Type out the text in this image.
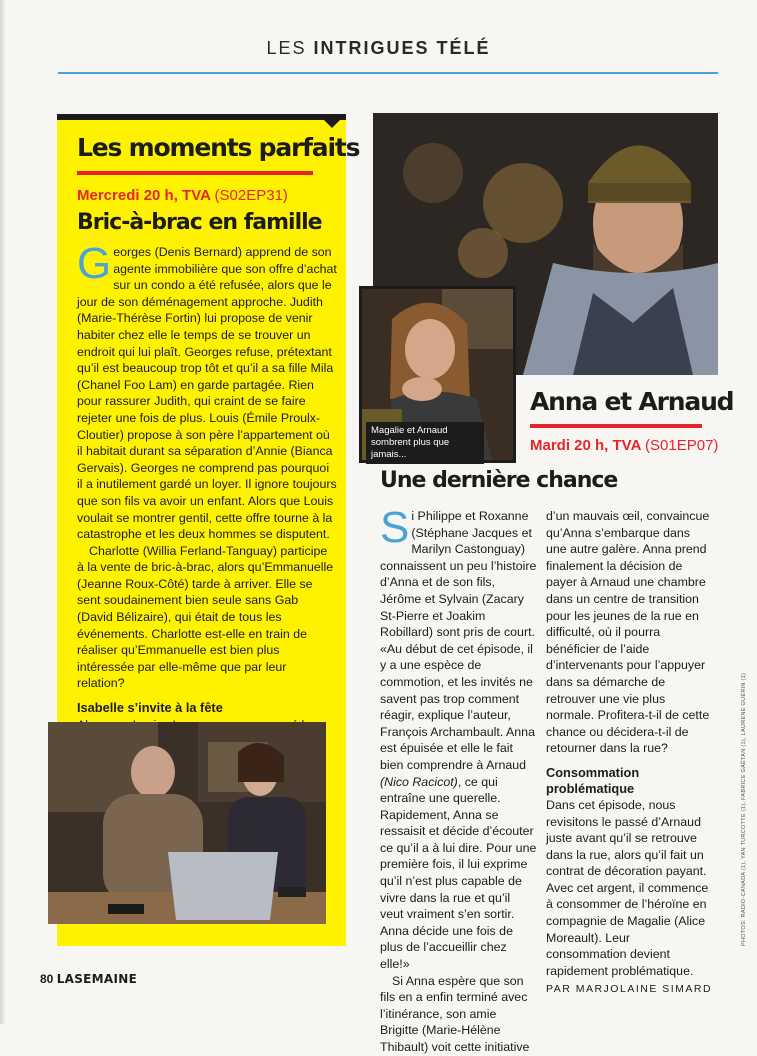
LES INTRIGUES TÉLÉ
Les moments parfaits
Mercredi 20 h, TVA (S02EP31)
Bric-à-brac en famille

Georges (Denis Bernard) apprend de son agente immobilière que son offre d’achat sur un condo a été refusée, alors que le jour de son déménagement approche. Judith (Marie-Thérèse Fortin) lui propose de venir habiter chez elle le temps de se trouver un endroit qui lui plaît. Georges refuse, prétextant qu’il est beaucoup trop tôt et qu’il a sa fille Mila (Chanel Foo Lam) en garde partagée. Rien pour rassurer Judith, qui craint de se faire rejeter une fois de plus. Louis (Émile Proulx-Cloutier) propose à son père l’appartement où il habitait durant sa séparation d’Annie (Bianca Gervais). Georges ne comprend pas pourquoi il a inutilement gardé un loyer. Il ignore toujours que son fils va avoir un enfant. Alors que Louis voulait se montrer gentil, cette offre tourne à la catastrophe et les deux hommes se disputent.

Charlotte (Willia Ferland-Tanguay) participe à la vente de bric-à-brac, alors qu’Emmanuelle (Jeanne Roux-Côté) tarde à arriver. Elle se sent soudainement bien seule sans Gab (David Bélizaire), qui était de tous les événements. Charlotte est-elle en train de réaliser qu’Emmanuelle est bien plus intéressée par elle-même que par leur relation?

Isabelle s’invite à la fête

Magalie et Arnaud sombrent plus que jamais...
Anna et Arnaud
Mardi 20 h, TVA (S01EP07)
Une dernière chance

Si Philippe et Roxanne (Stéphane Jacques et Marilyn Castonguay) connaissent un peu l’histoire d’Anna et de son fils, Jérôme et Sylvain (Zacary St-Pierre et Joakim Robillard) sont pris de court. «Au début de cet épisode, il y a une espèce de commotion, et les invités ne savent pas trop comment réagir, explique l’auteur, François Archambault. Anna est épuisée et elle le fait bien comprendre à Arnaud (Nico Racicot), ce qui entraîne une querelle. Rapidement, Anna se ressaisit et décide d’écouter ce qu’il a à lui dire. Pour une première fois, il lui exprime qu’il n’est plus capable de vivre dans la rue et qu’il veut vraiment s’en sortir. Anna décide une fois de plus de l’accueillir chez elle!»

Si Anna espère que son fils en a enfin terminé avec l’itinérance, son amie Brigitte (Marie-Hélène Thibault) voit cette initiative

d’un mauvais œil, convaincue qu’Anna s’embarque dans une autre galère. Anna prend finalement la décision de payer à Arnaud une chambre dans un centre de transition pour les jeunes de la rue en difficulté, où il pourra bénéficier de l’aide d’intervenants pour l’appuyer dans sa démarche de retrouver une vie plus normale. Profitera-t-il de cette chance ou décidera-t-il de retourner dans la rue?

Consommation problématique

Dans cet épisode, nous revisitons le passé d’Arnaud juste avant qu’il se retrouve dans la rue, alors qu’il fait un contrat de décoration payant. Avec cet argent, il commence à consommer de l’héroïne en compagnie de Magalie (Alice Moreault). Leur consommation devient rapidement problématique.

PAR MARJOLAINE SIMARD

80 LASEMAINE
PHOTOS: RADIO-CANADA (1), YAN TURCOTTE (1), FABRICE GAËTAN (1), LAURENE GUÉRIN (1)
